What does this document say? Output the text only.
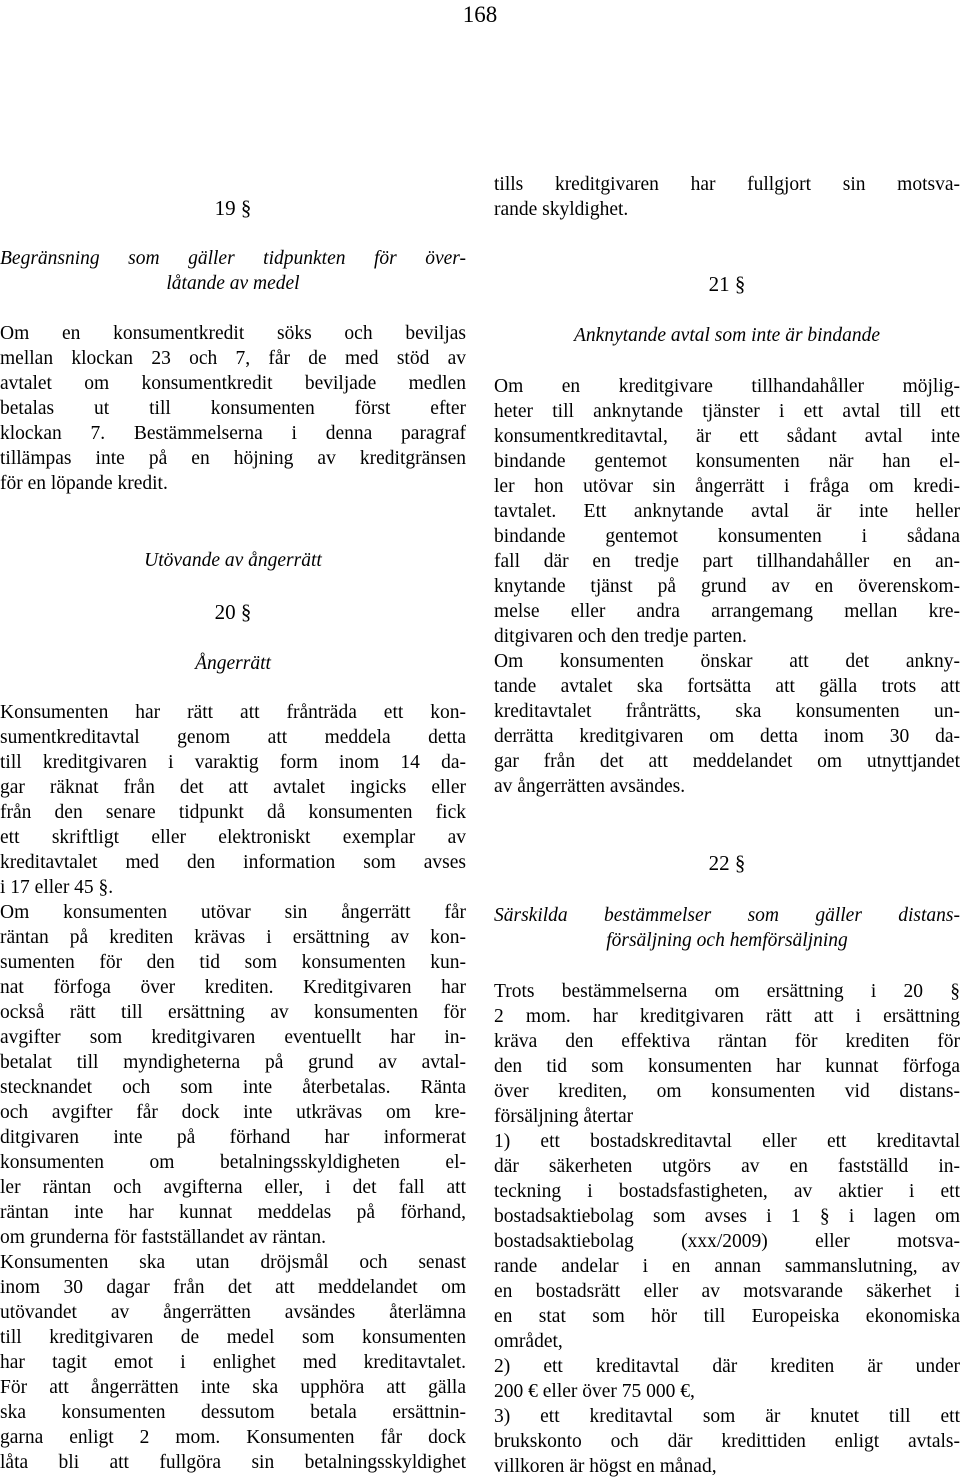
168
19 §
Begränsning som gäller tidpunkten för över-
låtande av medel
Om en konsumentkredit söks och beviljas
mellan klockan 23 och 7, får de med stöd av
avtalet om konsumentkredit beviljade medlen
betalas ut till konsumenten först efter
klockan 7. Bestämmelserna i denna paragraf
tillämpas inte på en höjning av kreditgränsen
för en löpande kredit.
Utövande av ångerrätt
20 §
Ångerrätt
Konsumenten har rätt att frånträda ett kon-
sumentkreditavtal genom att meddela detta
till kreditgivaren i varaktig form inom 14 da-
gar räknat från det att avtalet ingicks eller
från den senare tidpunkt då konsumenten fick
ett skriftligt eller elektroniskt exemplar av
kreditavtalet med den information som avses
i 17 eller 45 §.
Om konsumenten utövar sin ångerrätt får
räntan på krediten krävas i ersättning av kon-
sumenten för den tid som konsumenten kun-
nat förfoga över krediten. Kreditgivaren har
också rätt till ersättning av konsumenten för
avgifter som kreditgivaren eventuellt har in-
betalat till myndigheterna på grund av avtal-
stecknandet och som inte återbetalas. Ränta
och avgifter får dock inte utkrävas om kre-
ditgivaren inte på förhand har informerat
konsumenten om betalningsskyldigheten el-
ler räntan och avgifterna eller, i det fall att
räntan inte har kunnat meddelas på förhand,
om grunderna för fastställandet av räntan.
Konsumenten ska utan dröjsmål och senast
inom 30 dagar från det att meddelandet om
utövandet av ångerrätten avsändes återlämna
till kreditgivaren de medel som konsumenten
har tagit emot i enlighet med kreditavtalet.
För att ångerrätten inte ska upphöra att gälla
ska konsumenten dessutom betala ersättnin-
garna enligt 2 mom. Konsumenten får dock
låta bli att fullgöra sin betalningsskyldighet
tills kreditgivaren har fullgjort sin motsva-
rande skyldighet.
21 §
Anknytande avtal som inte är bindande
Om en kreditgivare tillhandahåller möjlig-
heter till anknytande tjänster i ett avtal till ett
konsumentkreditavtal, är ett sådant avtal inte
bindande gentemot konsumenten när han el-
ler hon utövar sin ångerrätt i fråga om kredi-
tavtalet. Ett anknytande avtal är inte heller
bindande gentemot konsumenten i sådana
fall där en tredje part tillhandahåller en an-
knytande tjänst på grund av en överenskom-
melse eller andra arrangemang mellan kre-
ditgivaren och den tredje parten.
Om konsumenten önskar att det ankny-
tande avtalet ska fortsätta att gälla trots att
kreditavtalet frånträtts, ska konsumenten un-
derrätta kreditgivaren om detta inom 30 da-
gar från det att meddelandet om utnyttjandet
av ångerrätten avsändes.
22 §
Särskilda bestämmelser som gäller distans-
försäljning och hemförsäljning
Trots bestämmelserna om ersättning i 20 §
2 mom. har kreditgivaren rätt att i ersättning
kräva den effektiva räntan för krediten för
den tid som konsumenten har kunnat förfoga
över krediten, om konsumenten vid distans-
försäljning återtar
1) ett bostadskreditavtal eller ett kreditavtal
där säkerheten utgörs av en fastställd in-
teckning i bostadsfastigheten, av aktier i ett
bostadsaktiebolag som avses i 1 § i lagen om
bostadsaktiebolag (xxx/2009) eller motsva-
rande andelar i en annan sammanslutning, av
en bostadsrätt eller av motsvarande säkerhet i
en stat som hör till Europeiska ekonomiska
området,
2) ett kreditavtal där krediten är under
200 € eller över 75 000 €,
3) ett kreditavtal som är knutet till ett
brukskonto och där kredittiden enligt avtals-
villkoren är högst en månad,
